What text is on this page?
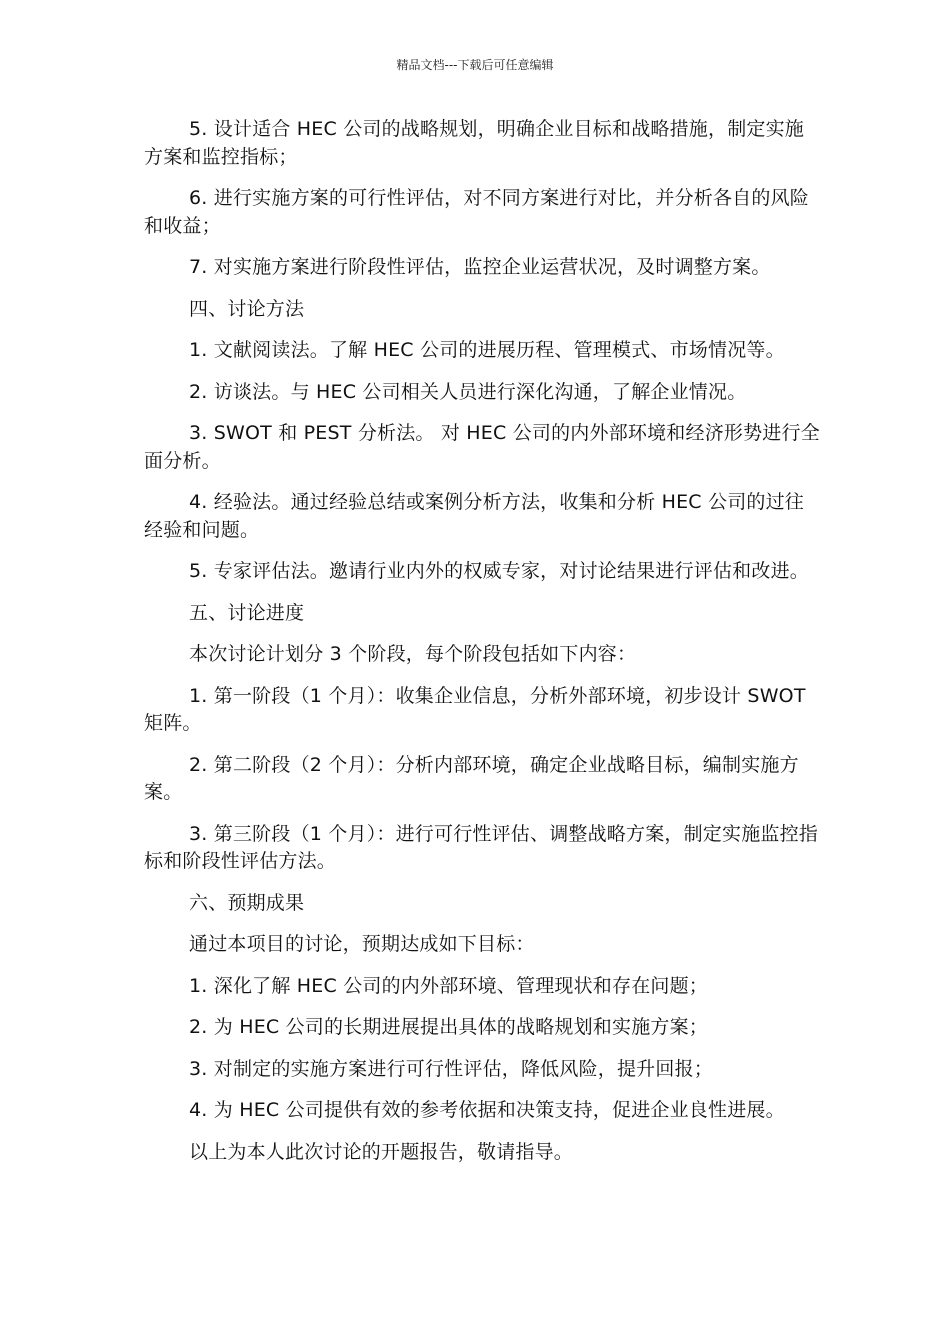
精品文档---下载后可任意编辑

5. 设计适合 HEC 公司的战略规划，明确企业目标和战略措施，制定实施方案和监控指标；

6. 进行实施方案的可行性评估，对不同方案进行对比，并分析各自的风险和收益；

7. 对实施方案进行阶段性评估，监控企业运营状况，及时调整方案。

四、讨论方法

1. 文献阅读法。了解 HEC 公司的进展历程、管理模式、市场情况等。

2. 访谈法。与 HEC 公司相关人员进行深化沟通，了解企业情况。

3. SWOT 和 PEST 分析法。 对 HEC 公司的内外部环境和经济形势进行全面分析。

4. 经验法。通过经验总结或案例分析方法，收集和分析 HEC 公司的过往经验和问题。

5. 专家评估法。邀请行业内外的权威专家，对讨论结果进行评估和改进。

五、讨论进度

本次讨论计划分 3 个阶段，每个阶段包括如下内容：

1. 第一阶段（1 个月）：收集企业信息，分析外部环境，初步设计 SWOT 矩阵。

2. 第二阶段（2 个月）：分析内部环境，确定企业战略目标，编制实施方案。

3. 第三阶段（1 个月）：进行可行性评估、调整战略方案，制定实施监控指标和阶段性评估方法。

六、预期成果

通过本项目的讨论，预期达成如下目标：

1. 深化了解 HEC 公司的内外部环境、管理现状和存在问题；

2. 为 HEC 公司的长期进展提出具体的战略规划和实施方案；

3. 对制定的实施方案进行可行性评估，降低风险，提升回报；

4. 为 HEC 公司提供有效的参考依据和决策支持，促进企业良性进展。

以上为本人此次讨论的开题报告，敬请指导。
